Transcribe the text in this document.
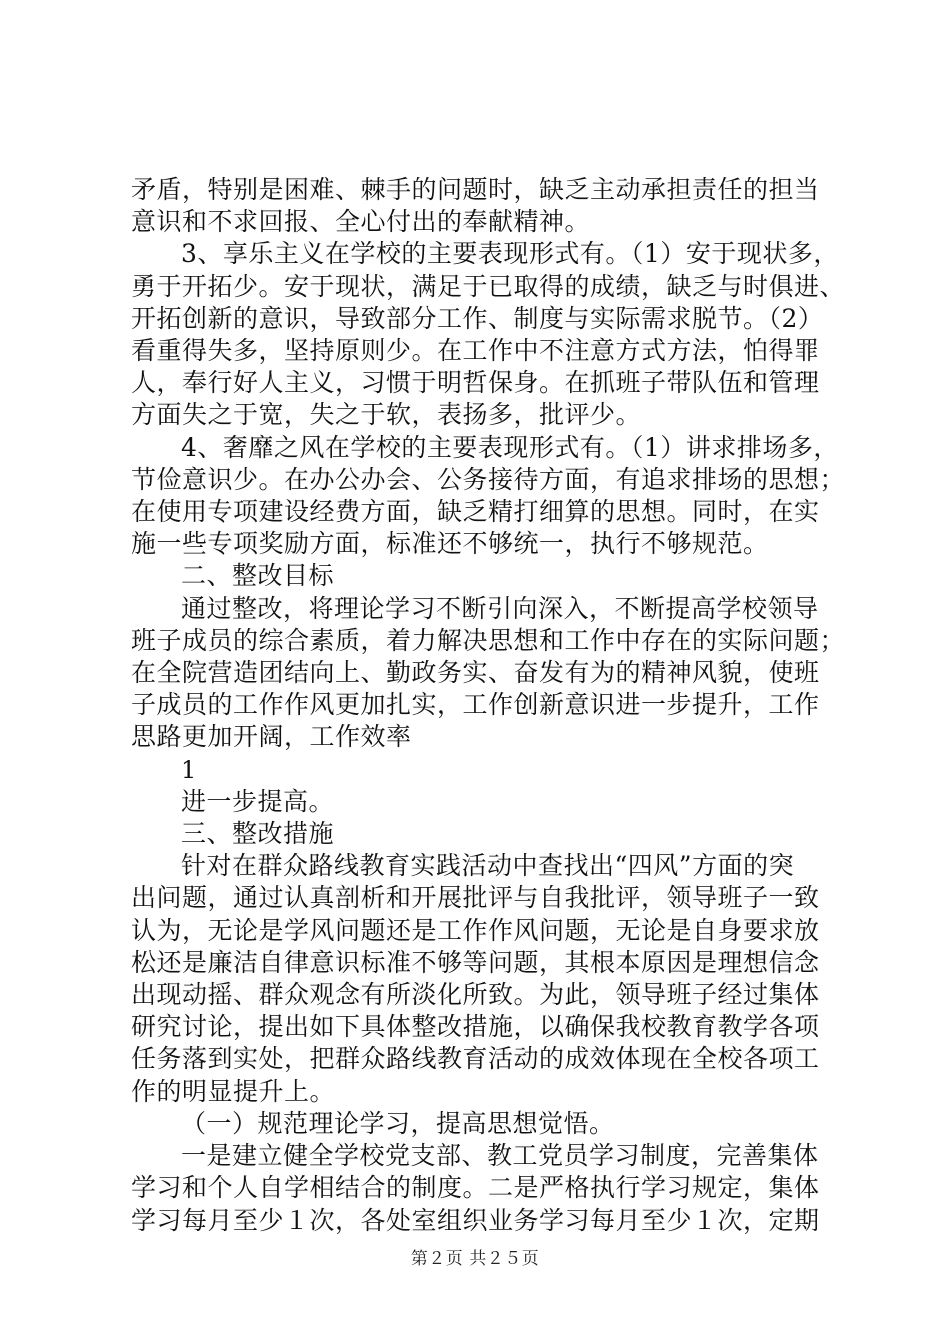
矛盾，特别是困难、棘手的问题时，缺乏主动承担责任的担当
意识和不求回报、全心付出的奉献精神。
3、享乐主义在学校的主要表现形式有。（1）安于现状多，
勇于开拓少。安于现状，满足于已取得的成绩，缺乏与时俱进、
开拓创新的意识，导致部分工作、制度与实际需求脱节。（2）
看重得失多，坚持原则少。在工作中不注意方式方法，怕得罪
人，奉行好人主义，习惯于明哲保身。在抓班子带队伍和管理
方面失之于宽，失之于软，表扬多，批评少。
4、奢靡之风在学校的主要表现形式有。（1）讲求排场多，
节俭意识少。在办公办会、公务接待方面，有追求排场的思想；
在使用专项建设经费方面，缺乏精打细算的思想。同时，在实
施一些专项奖励方面，标准还不够统一，执行不够规范。
二、整改目标
通过整改，将理论学习不断引向深入，不断提高学校领导
班子成员的综合素质，着力解决思想和工作中存在的实际问题；
在全院营造团结向上、勤政务实、奋发有为的精神风貌，使班
子成员的工作作风更加扎实，工作创新意识进一步提升，工作
思路更加开阔，工作效率
1
进一步提高。
三、整改措施
针对在群众路线教育实践活动中查找出“四风”方面的突
出问题，通过认真剖析和开展批评与自我批评，领导班子一致
认为，无论是学风问题还是工作作风问题，无论是自身要求放
松还是廉洁自律意识标准不够等问题，其根本原因是理想信念
出现动摇、群众观念有所淡化所致。为此，领导班子经过集体
研究讨论，提出如下具体整改措施，以确保我校教育教学各项
任务落到实处，把群众路线教育活动的成效体现在全校各项工
作的明显提升上。
（一）规范理论学习，提高思想觉悟。
一是建立健全学校党支部、教工党员学习制度，完善集体
学习和个人自学相结合的制度。二是严格执行学习规定，集体
学习每月至少１次，各处室组织业务学习每月至少１次，定期
第２页 共２５页
